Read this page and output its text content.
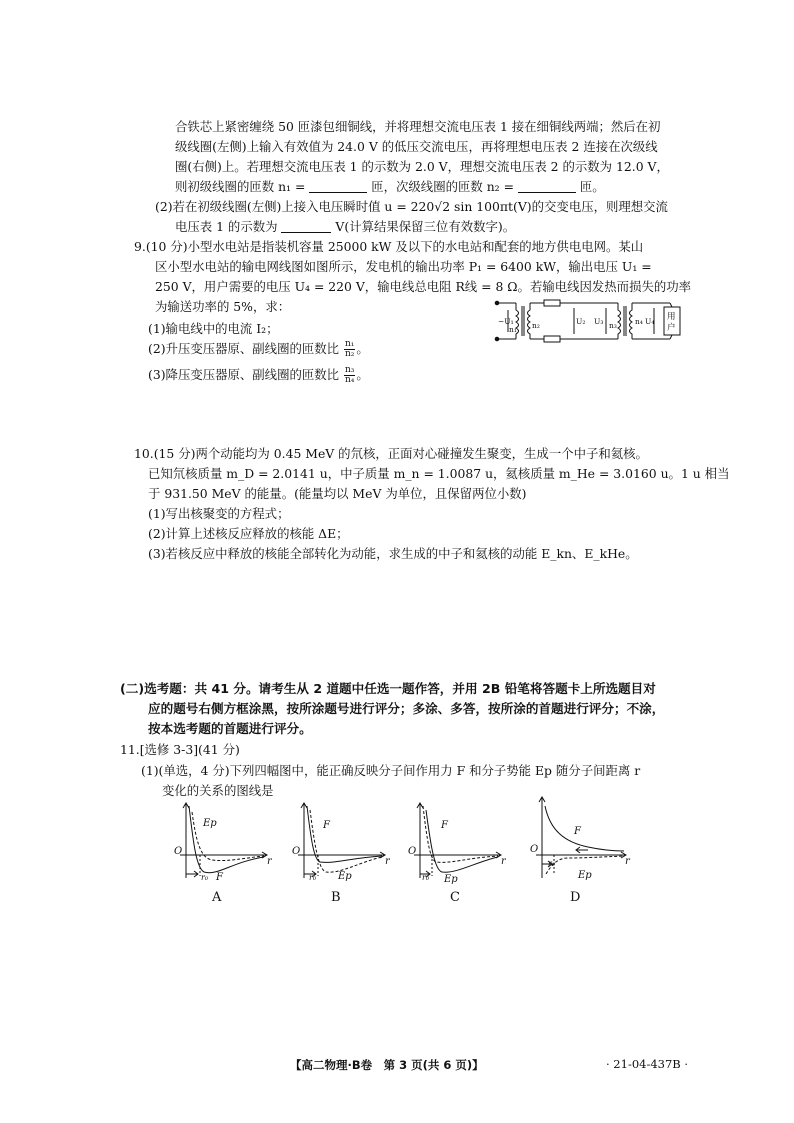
合铁芯上紧密缠绕 50 匝漆包细铜线，并将理想交流电压表 1 接在细铜线两端；然后在初
级线圈(左侧)上输入有效值为 24.0 V 的低压交流电压，再将理想电压表 2 连接在次级线
圈(右侧)上。若理想交流电压表 1 的示数为 2.0 V，理想交流电压表 2 的示数为 12.0 V，
则初级线圈的匝数 n₁ =	匝，次级线圈的匝数 n₂ =	匝。
(2)若在初级线圈(左侧)上接入电压瞬时值 u = 220√2 sin 100πt(V)的交变电压，则理想交流
电压表 1 的示数为	V(计算结果保留三位有效数字)。
9.(10 分)小型水电站是指装机容量 25000 kW 及以下的水电站和配套的地方供电电网。某山
区小型水电站的输电网线图如图所示，发电机的输出功率 P₁ = 6400 kW，输出电压 U₁ =
250 V，用户需要的电压 U₄ = 220 V，输电线总电阻 R线 = 8 Ω。若输电线因发热而损失的功率
为输送功率的 5%，求：
(1)输电线中的电流 I₂；
(2)升压变压器原、副线圈的匝数比 $\frac{\text{n₁}}{\text{n₂}}$ 。
(3)降压变压器原、副线圈的匝数比 $\frac{\text{n₃}}{\text{n₄}}$ 。
~U₁
n₁ n₂	U₂ U₃ n₃ n₄ U₄ 用
户
10.(15 分)两个动能均为 0.45 MeV 的氘核，正面对心碰撞发生聚变，生成一个中子和氦核。
已知氘核质量 m_D = 2.0141 u，中子质量 m_n = 1.0087 u，氦核质量 m_He = 3.0160 u。1 u 相当
于 931.50 MeV 的能量。(能量均以 MeV 为单位，且保留两位小数)
(1)写出核聚变的方程式；
(2)计算上述核反应释放的核能 ΔE；
(3)若核反应中释放的核能全部转化为动能，求生成的中子和氦核的动能 E_kn、E_kHe。
(二)选考题：共 41 分。请考生从 2 道题中任选一题作答，并用 2B 铅笔将答题卡上所选题目对
应的题号右侧方框涂黑，按所涂题号进行评分；多涂、多答，按所涂的首题进行评分；不涂，
按本选考题的首题进行评分。
11.[选修 3-3](41 分)
(1)(单选，4 分)下列四幅图中，能正确反映分子间作用力 F 和分子势能 Ep 随分子间距离 r
变化的关系的图线是
Ep
O
r
r₀ F
A
F
O
r
r₀ Ep
B
F
O
r
r₀ Ep
C
F
O
r
r₀
Ep
D
【高二物理·B卷　第 3 页(共 6 页)】	· 21-04-437B ·
